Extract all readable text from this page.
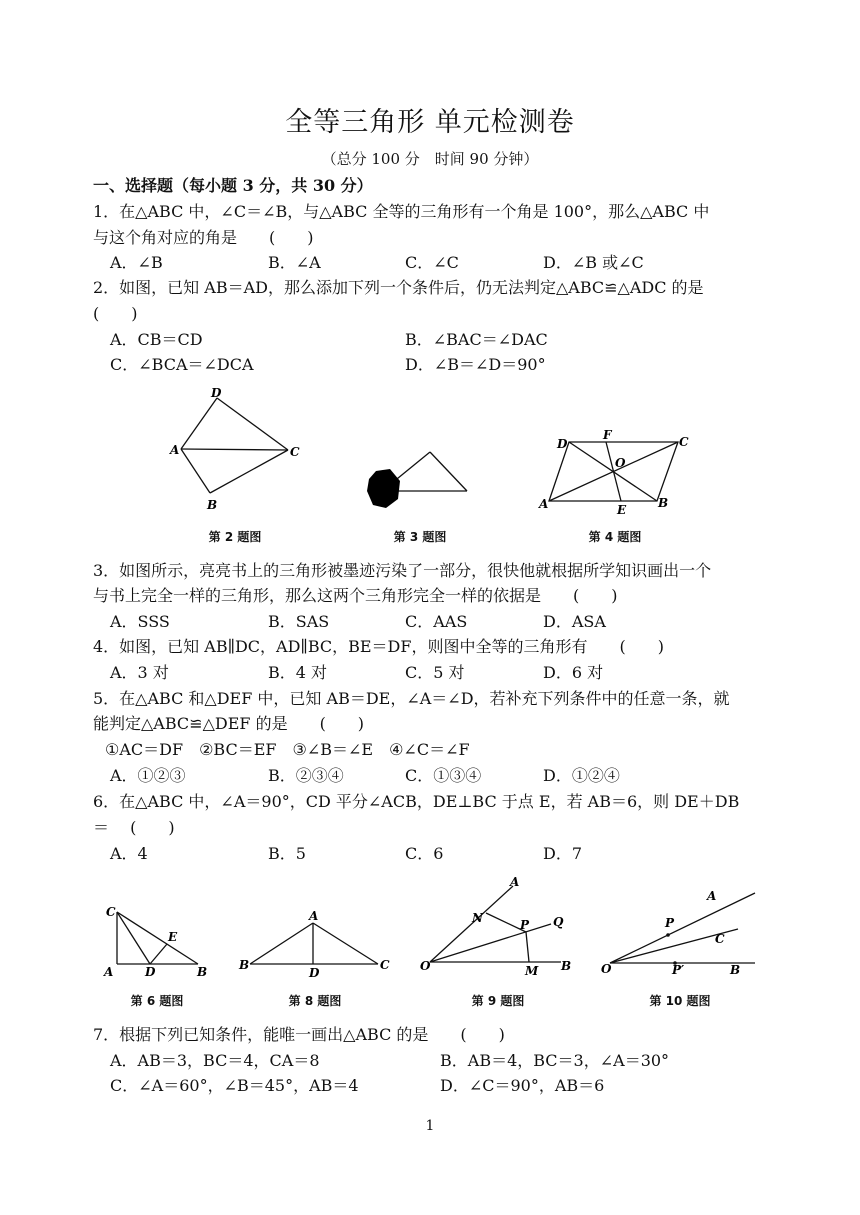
全等三角形 单元检测卷
（总分 100 分　时间 90 分钟）
一、选择题（每小题 3 分，共 30 分）
1．在△ABC 中，∠C＝∠B，与△ABC 全等的三角形有一个角是 100°，那么△ABC 中
与这个角对应的角是　　(　　)
A．∠B	B．∠A	C．∠C	D．∠B 或∠C
2．如图，已知 AB＝AD，那么添加下列一个条件后，仍无法判定△ABC≌△ADC 的是
(　　)
A．CB＝CD	B．∠BAC＝∠DAC
C．∠BCA＝∠DCA	D．∠B＝∠D＝90°
D
A	C
B
第 2 题图	第 3 题图
D
F	C
O
A	E	B
第 4 题图
3．如图所示，亮亮书上的三角形被墨迹污染了一部分，很快他就根据所学知识画出一个
与书上完全一样的三角形，那么这两个三角形完全一样的依据是　　(　　)
A．SSS	B．SAS	C．AAS	D．ASA
4．如图，已知 AB∥DC，AD∥BC，BE＝DF，则图中全等的三角形有　　(　　)
A．3 对	B．4 对	C．5 对	D．6 对
5．在△ABC 和△DEF 中，已知 AB＝DE，∠A＝∠D，若补充下列条件中的任意一条，就
能判定△ABC≌△DEF 的是　　(　　)
①AC＝DF　②BC＝EF　③∠B＝∠E　④∠C＝∠F
A．①②③	B．②③④	C．①③④	D．①②④
6．在△ABC 中，∠A＝90°，CD 平分∠ACB，DE⊥BC 于点 E，若 AB＝6，则 DE＋DB
＝　 (　　)
A．4	B．5	C．6	D．7
C
E
A	D	B
第 6 题图
A
B
D
C
第 8 题图
A
N	P Q
O	M B
第 9 题图
A
P
C
O	P′	B
第 10 题图
7．根据下列已知条件，能唯一画出△ABC 的是　　(　　)
A．AB＝3，BC＝4，CA＝8	B．AB＝4，BC＝3，∠A＝30°
C．∠A＝60°，∠B＝45°，AB＝4	D．∠C＝90°，AB＝6
1
